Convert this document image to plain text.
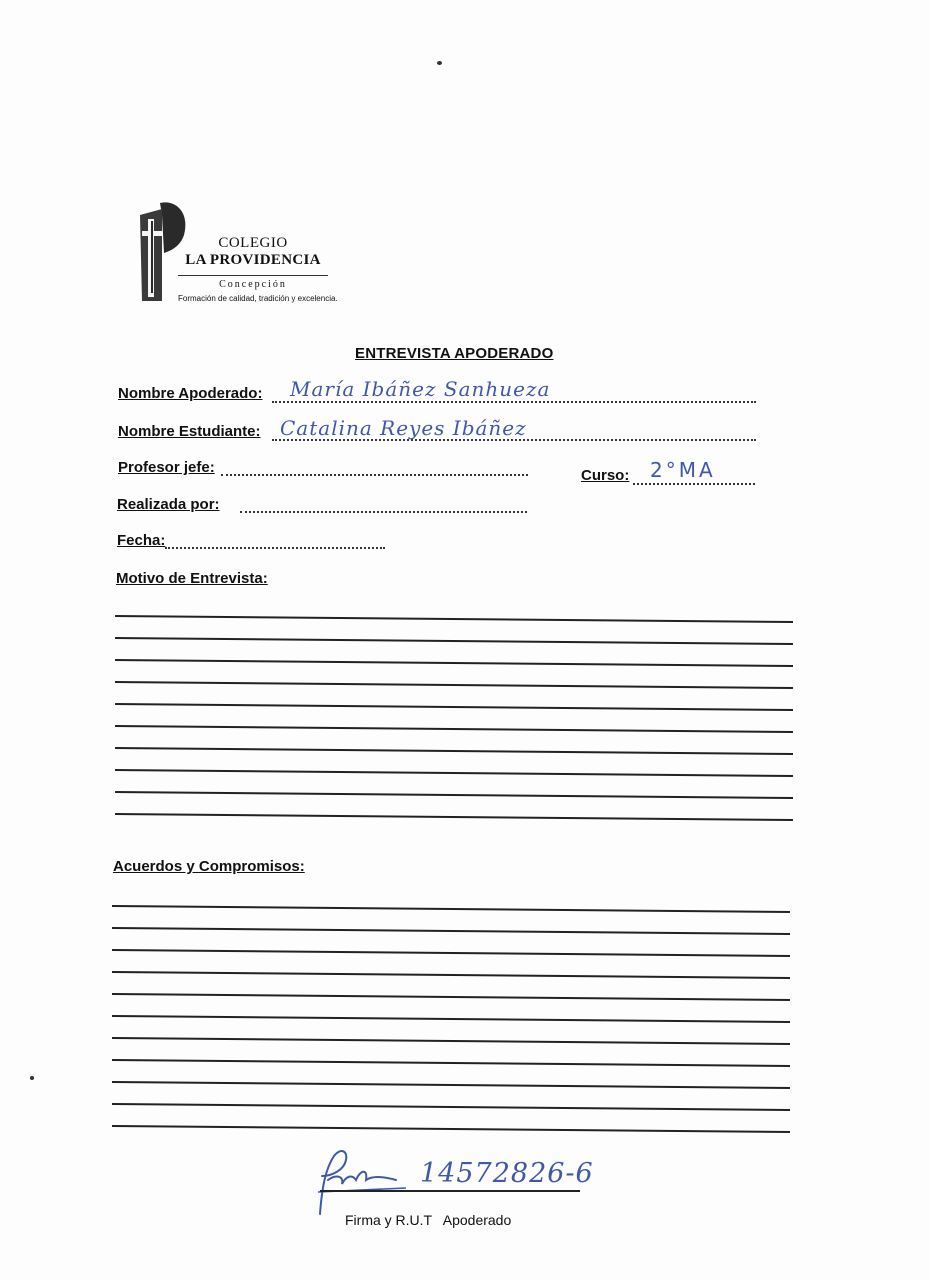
COLEGIO
LA PROVIDENCIA
Concepción
Formación de calidad, tradición y excelencia.
ENTREVISTA APODERADO
Nombre Apoderado: María Ibáñez Sanhueza
Nombre Estudiante: Catalina Reyes Ibáñez
Profesor jefe:	Curso: 2°MA
Realizada por:
Fecha:
Motivo de Entrevista:
Acuerdos y Compromisos:
14572826-6
Firma y R.U.T   Apoderado
